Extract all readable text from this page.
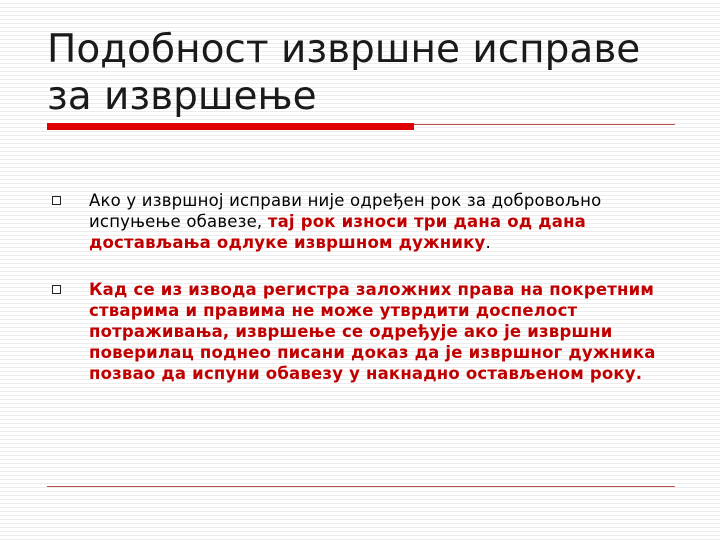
Подобност извршне исправе за извршење
Ако у извршној исправи није одређен рок за добровољно испуњење обавезе, тај рок износи три дана од дана достављања одлуке извршном дужнику.
Кад се из извода регистра заложних права на покретним стварима и правима не може утврдити доспелост потраживања, извршење се одређује ако је извршни поверилац поднео писани доказ да је извршног дужника позвао да испуни обавезу у накнадно остављеном року.
